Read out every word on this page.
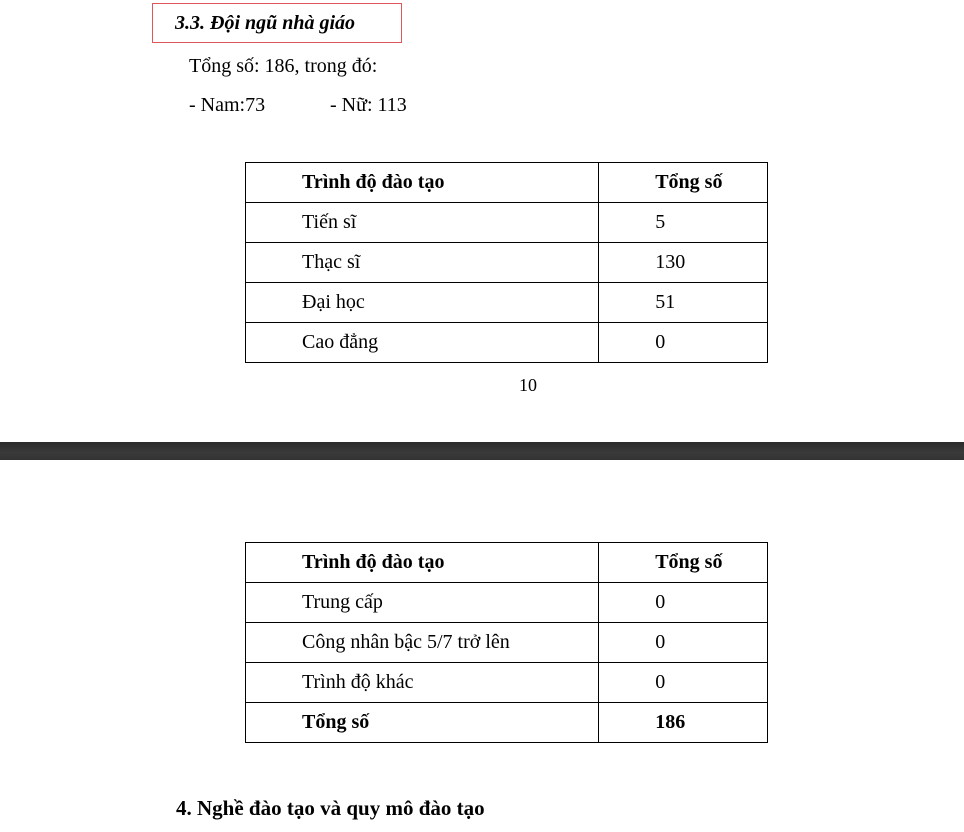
3.3. Đội ngũ nhà giáo
Tổng số: 186, trong đó:
- Nam:73	- Nữ: 113
Trình độ đào tạo	Tổng số
Tiến sĩ	5
Thạc sĩ	130
Đại học	51
Cao đẳng	0
10
Trình độ đào tạo	Tổng số
Trung cấp	0
Công nhân bậc 5/7 trở lên	0
Trình độ khác	0
Tổng số	186
4. Nghề đào tạo và quy mô đào tạo
